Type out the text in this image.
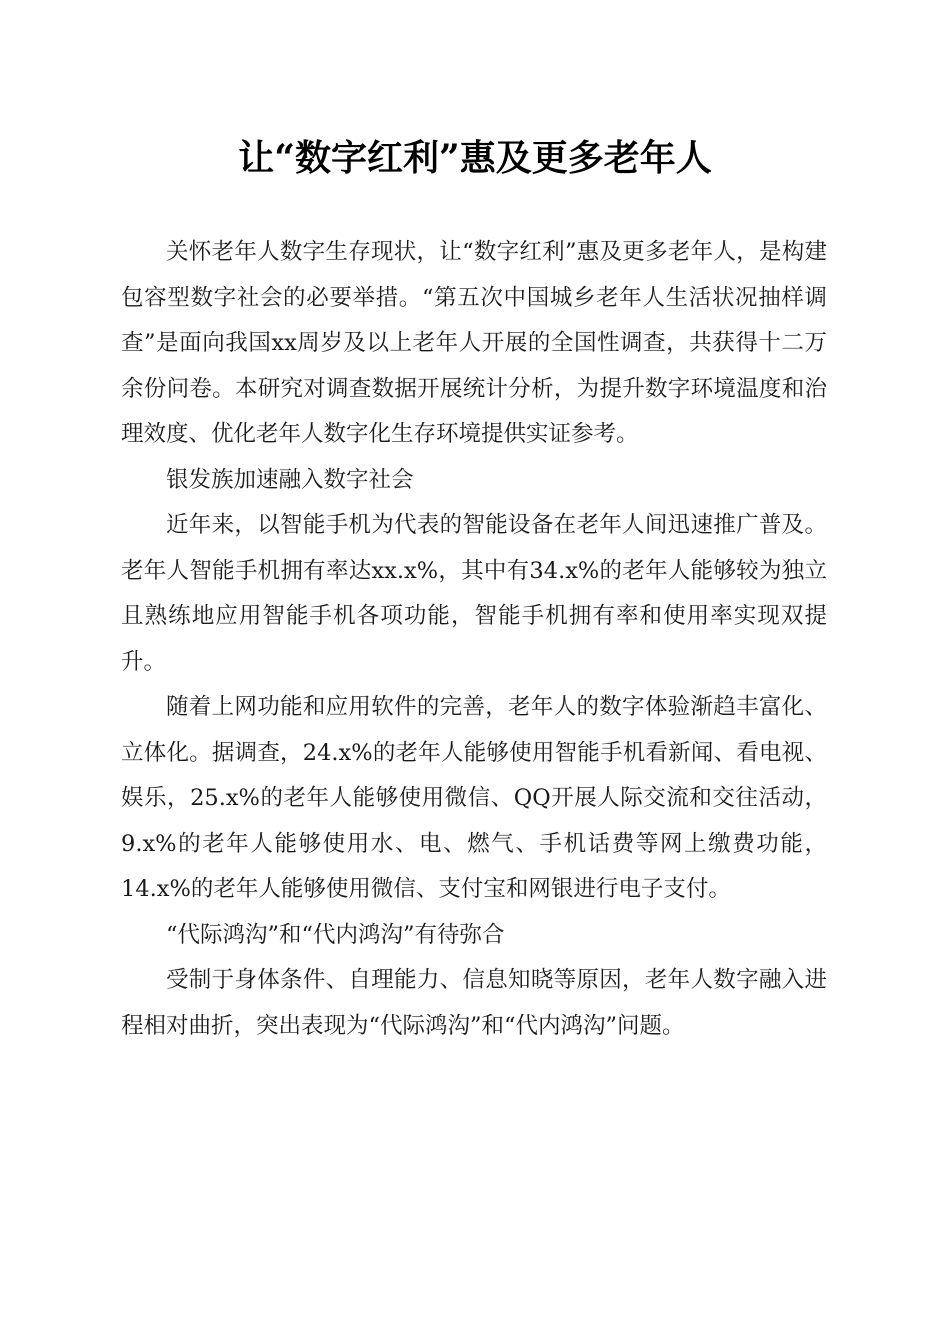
让“数字红利”惠及更多老年人

关怀老年人数字生存现状，让“数字红利”惠及更多老年人，是构建包容型数字社会的必要举措。“第五次中国城乡老年人生活状况抽样调查”是面向我国xx周岁及以上老年人开展的全国性调查，共获得十二万余份问卷。本研究对调查数据开展统计分析，为提升数字环境温度和治理效度、优化老年人数字化生存环境提供实证参考。

银发族加速融入数字社会

近年来，以智能手机为代表的智能设备在老年人间迅速推广普及。老年人智能手机拥有率达xx.x%，其中有34.x%的老年人能够较为独立且熟练地应用智能手机各项功能，智能手机拥有率和使用率实现双提升。

随着上网功能和应用软件的完善，老年人的数字体验渐趋丰富化、立体化。据调查，24.x%的老年人能够使用智能手机看新闻、看电视、娱乐，25.x%的老年人能够使用微信、QQ开展人际交流和交往活动，9.x%的老年人能够使用水、电、燃气、手机话费等网上缴费功能，14.x%的老年人能够使用微信、支付宝和网银进行电子支付。

“代际鸿沟”和“代内鸿沟”有待弥合

受制于身体条件、自理能力、信息知晓等原因，老年人数字融入进程相对曲折，突出表现为“代际鸿沟”和“代内鸿沟”问题。
